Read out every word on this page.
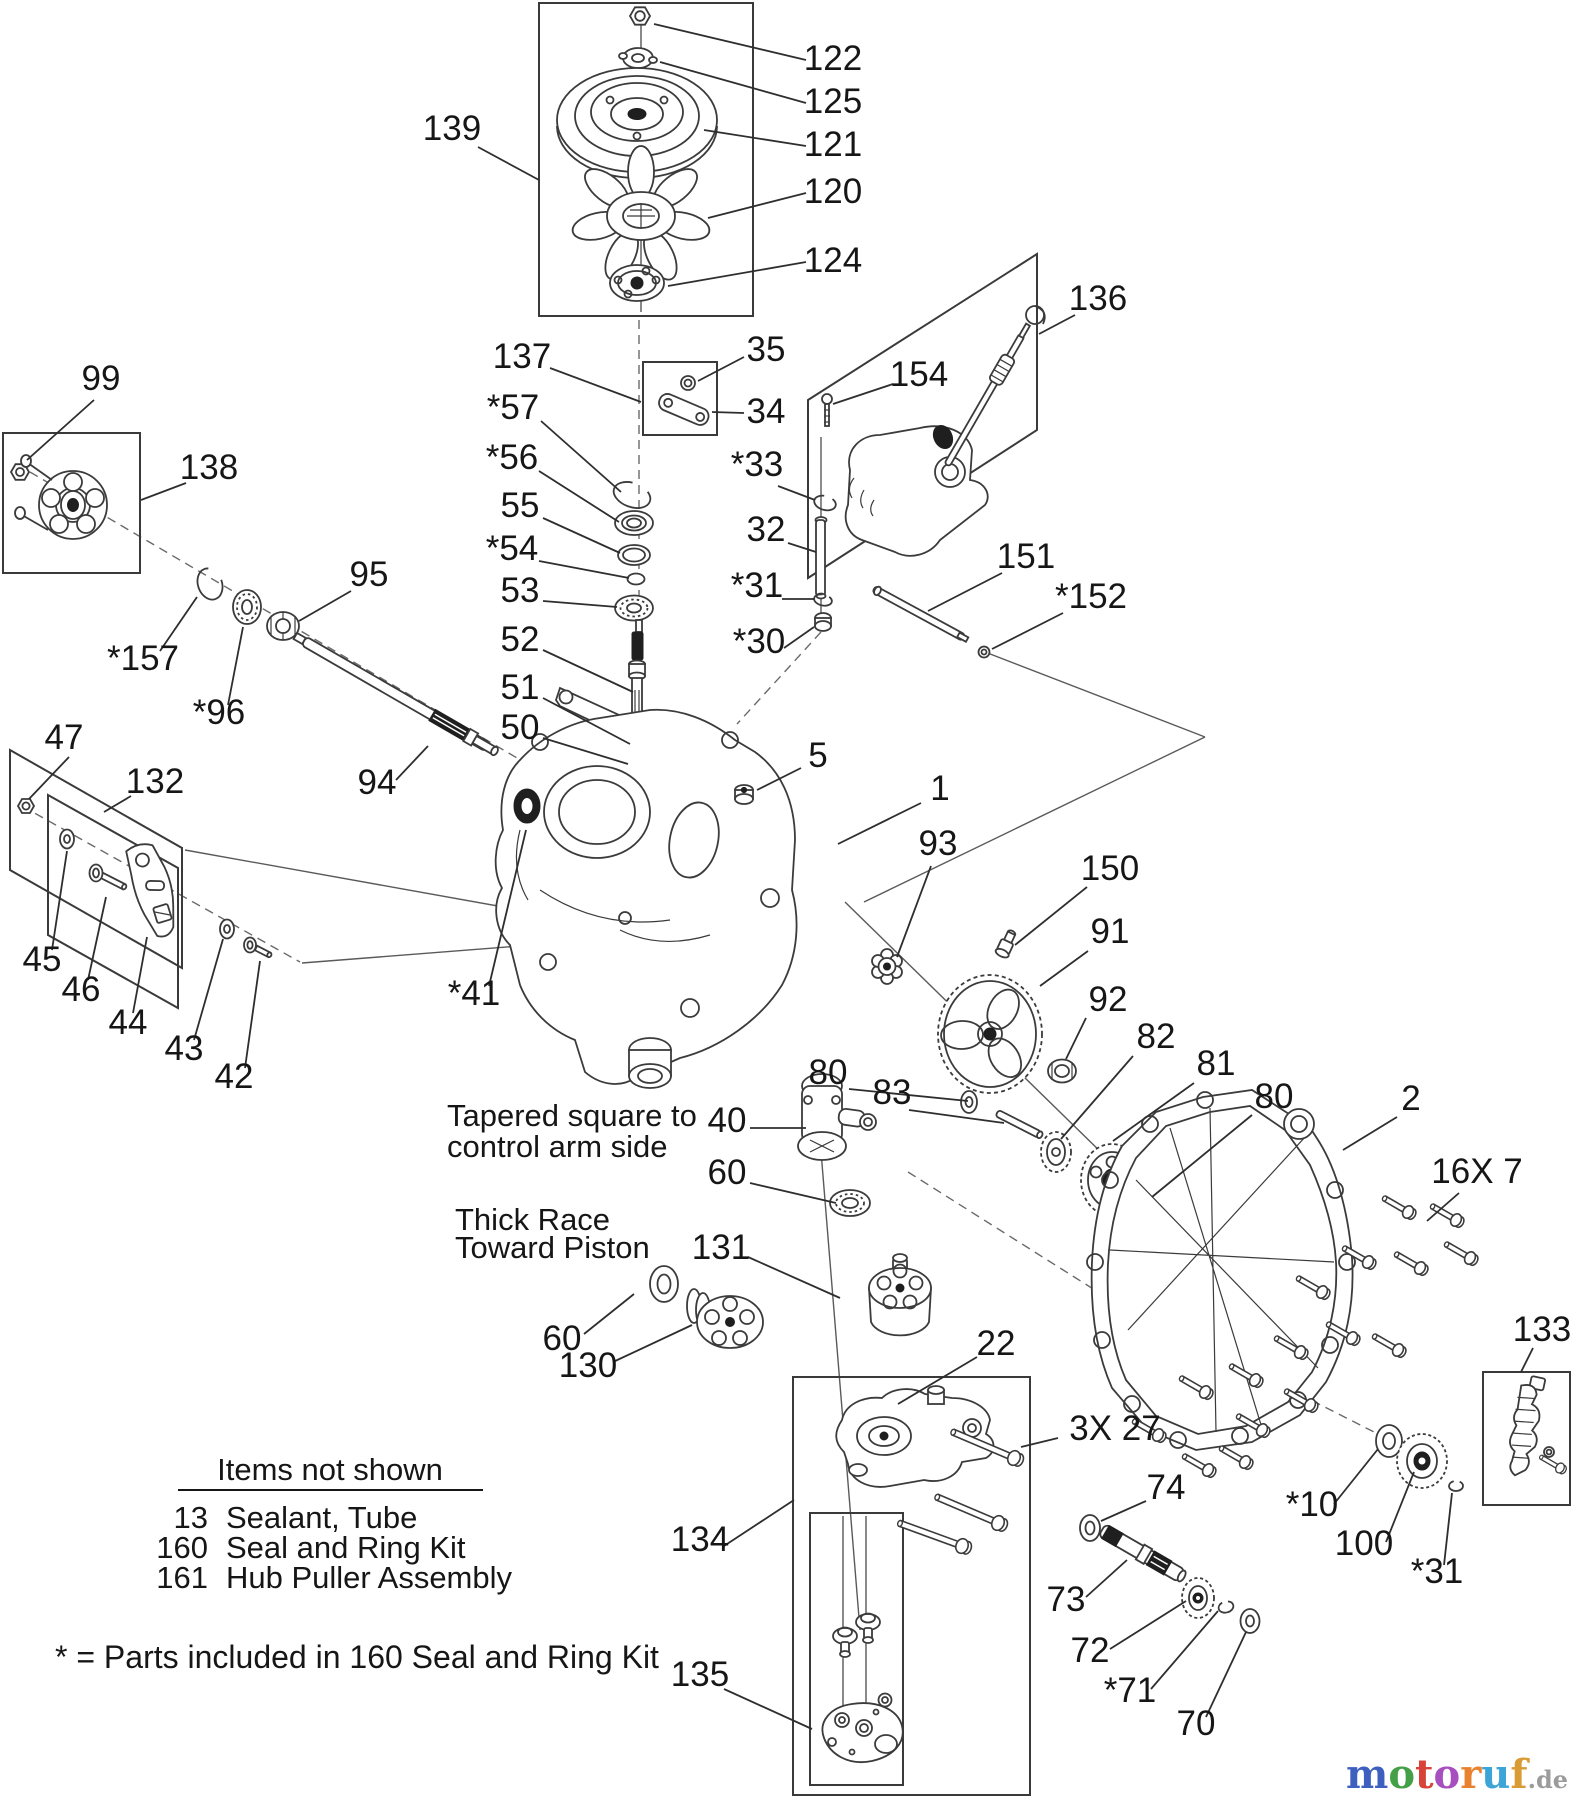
Tapered square to
control arm side
Thick Race
Toward Piston
Items not shown
13 Sealant, Tube
160 Seal and Ring Kit
161 Hub Puller Assembly
* = Parts included in 160 Seal and Ring Kit
139
122
125
121
120
124
137	35
34
136
154
*57
*56
55
*54
53
52
51
50
*33
32
*31
*30
99
138
95
*157
*96
94
47
132
45
46
44
43
42
*41
5
1
93
150
91
92
82
81
80	2
16X 7
151
*152
80
83
40
60
131
60
130
22
3X 27
134
135
74
73
72
*71
70
133
*10
100
*31
motoruf.de
